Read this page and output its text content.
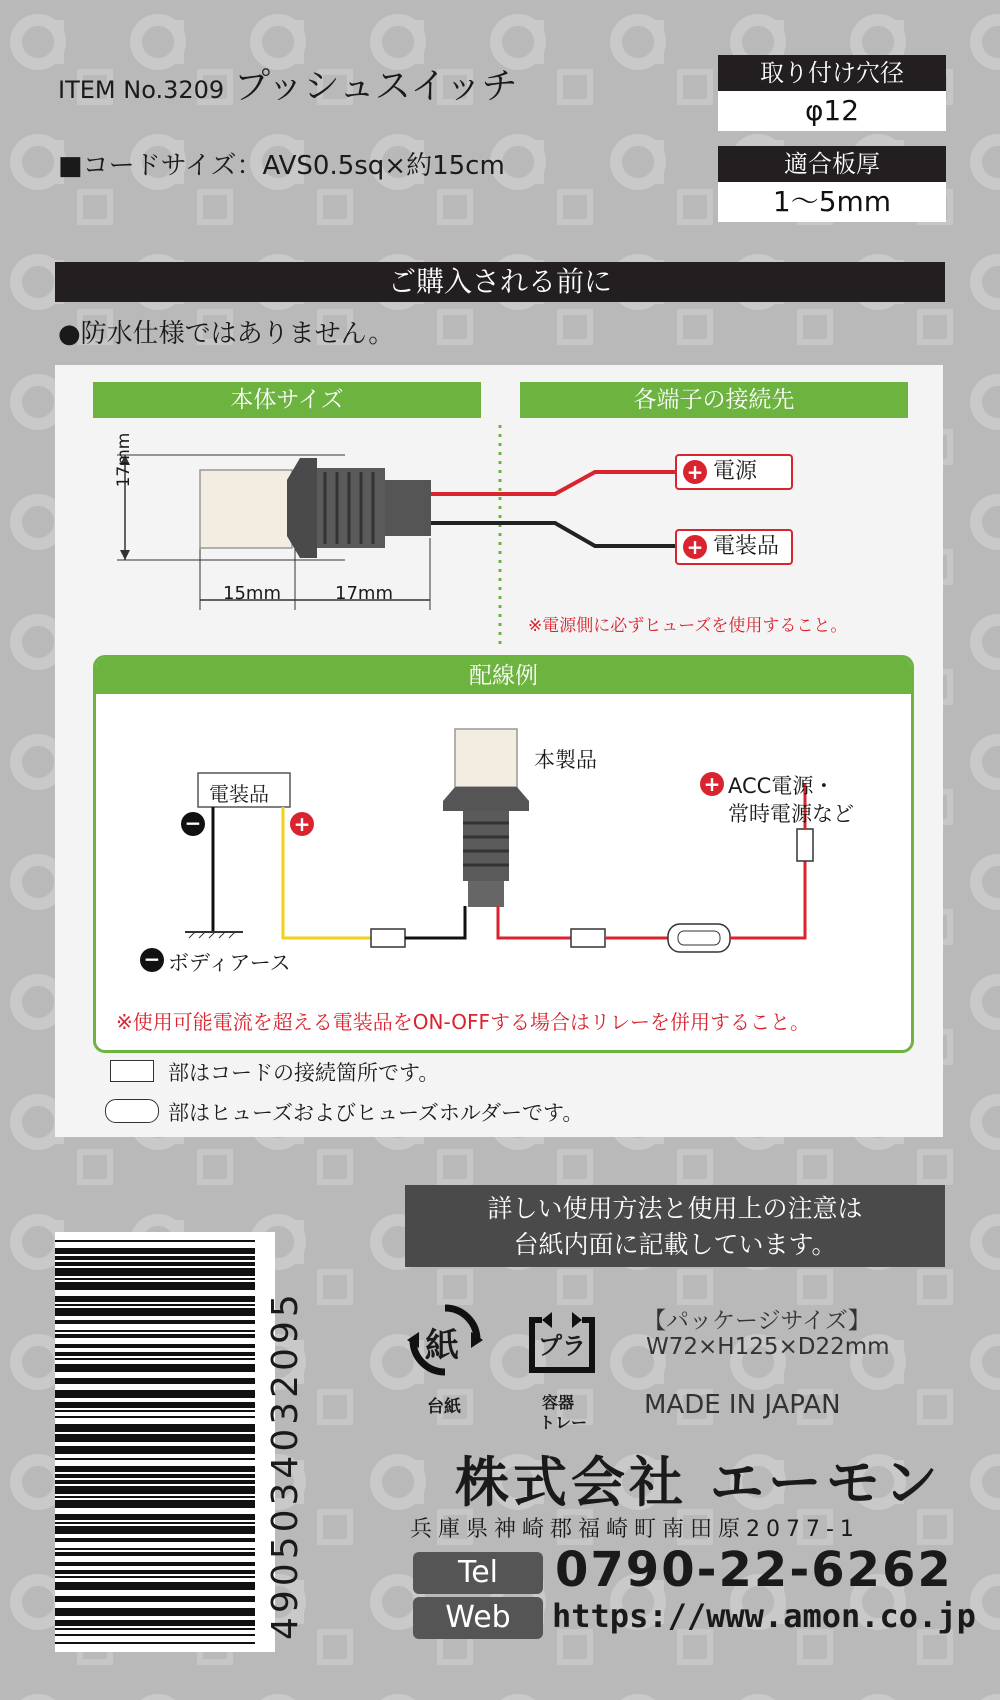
ITEM No.3209 プッシュスイッチ
■コードサイズ：AVS0.5sq×約15cm
取り付け穴径
φ12
適合板厚
1〜5mm
ご購入される前に
●防水仕様ではありません。
本体サイズ	各端子の接続先
17mm
15mm	17mm
+ 電源
+ 電装品
※電源側に必ずヒューズを使用すること。
配線例
電装品
−	+
本製品
+ ACC電源・
常時電源など
− ボディアース
※使用可能電流を超える電装品をON-OFFする場合はリレーを併用すること。
部はコードの接続箇所です。
部はヒューズおよびヒューズホルダーです。
詳しい使用方法と使用上の注意は
台紙内面に記載しています。
4905034032095	紙
台紙
プラ
容器
トレー
【パッケージサイズ】
W72×H125×D22mm
MADE IN JAPAN
株式会社 エーモン
兵庫県神崎郡福崎町南田原2077-1
Tel	0790-22-6262
Web	https://www.amon.co.jp
